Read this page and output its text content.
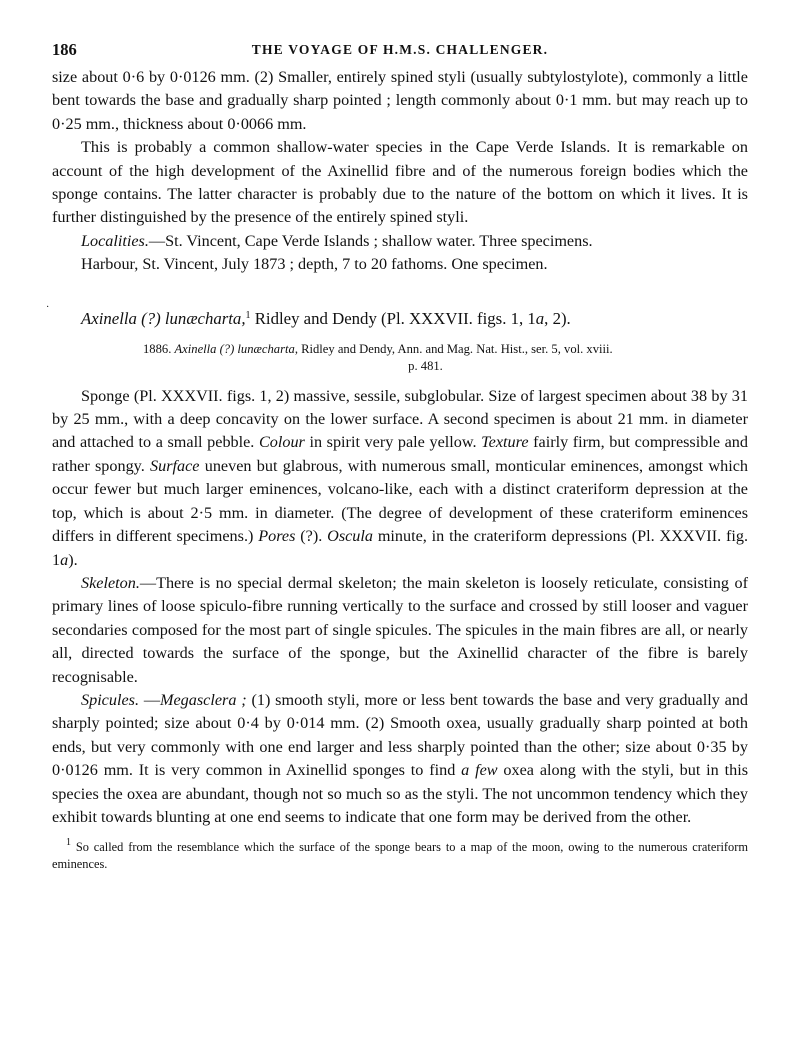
·
186	THE VOYAGE OF H.M.S. CHALLENGER.

size about 0·6 by 0·0126 mm. (2) Smaller, entirely spined styli (usually subtylostylote), commonly a little bent towards the base and gradually sharp pointed ; length commonly about 0·1 mm. but may reach up to 0·25 mm., thickness about 0·0066 mm.

This is probably a common shallow-water species in the Cape Verde Islands. It is remarkable on account of the high development of the Axinellid fibre and of the numerous foreign bodies which the sponge contains. The latter character is probably due to the nature of the bottom on which it lives. It is further distinguished by the presence of the entirely spined styli.

Localities.—St. Vincent, Cape Verde Islands ; shallow water. Three specimens.

Harbour, St. Vincent, July 1873 ; depth, 7 to 20 fathoms. One specimen.

Axinella (?) lunæcharta,$^1$ Ridley and Dendy (Pl. XXXVII. figs. 1, 1a, 2).

1886. Axinella (?) lunæcharta, Ridley and Dendy, Ann. and Mag. Nat. Hist., ser. 5, vol. xviii.
p. 481.

Sponge (Pl. XXXVII. figs. 1, 2) massive, sessile, subglobular. Size of largest specimen about 38 by 31 by 25 mm., with a deep concavity on the lower surface. A second specimen is about 21 mm. in diameter and attached to a small pebble. Colour in spirit very pale yellow. Texture fairly firm, but compressible and rather spongy. Surface uneven but glabrous, with numerous small, monticular eminences, amongst which occur fewer but much larger eminences, volcano-like, each with a distinct crateriform depression at the top, which is about 2·5 mm. in diameter. (The degree of development of these crateriform eminences differs in different specimens.) Pores (?). Oscula minute, in the crateriform depressions (Pl. XXXVII. fig. 1a).

Skeleton.—There is no special dermal skeleton; the main skeleton is loosely reticulate, consisting of primary lines of loose spiculo-fibre running vertically to the surface and crossed by still looser and vaguer secondaries composed for the most part of single spicules. The spicules in the main fibres are all, or nearly all, directed towards the surface of the sponge, but the Axinellid character of the fibre is barely recognisable.

Spicules. —Megasclera ; (1) smooth styli, more or less bent towards the base and very gradually and sharply pointed; size about 0·4 by 0·014 mm. (2) Smooth oxea, usually gradually sharp pointed at both ends, but very commonly with one end larger and less sharply pointed than the other; size about 0·35 by 0·0126 mm. It is very common in Axinellid sponges to find a few oxea along with the styli, but in this species the oxea are abundant, though not so much so as the styli. The not uncommon tendency which they exhibit towards blunting at one end seems to indicate that one form may be derived from the other.

$^1$ So called from the resemblance which the surface of the sponge bears to a map of the moon, owing to the numerous crateriform eminences.
